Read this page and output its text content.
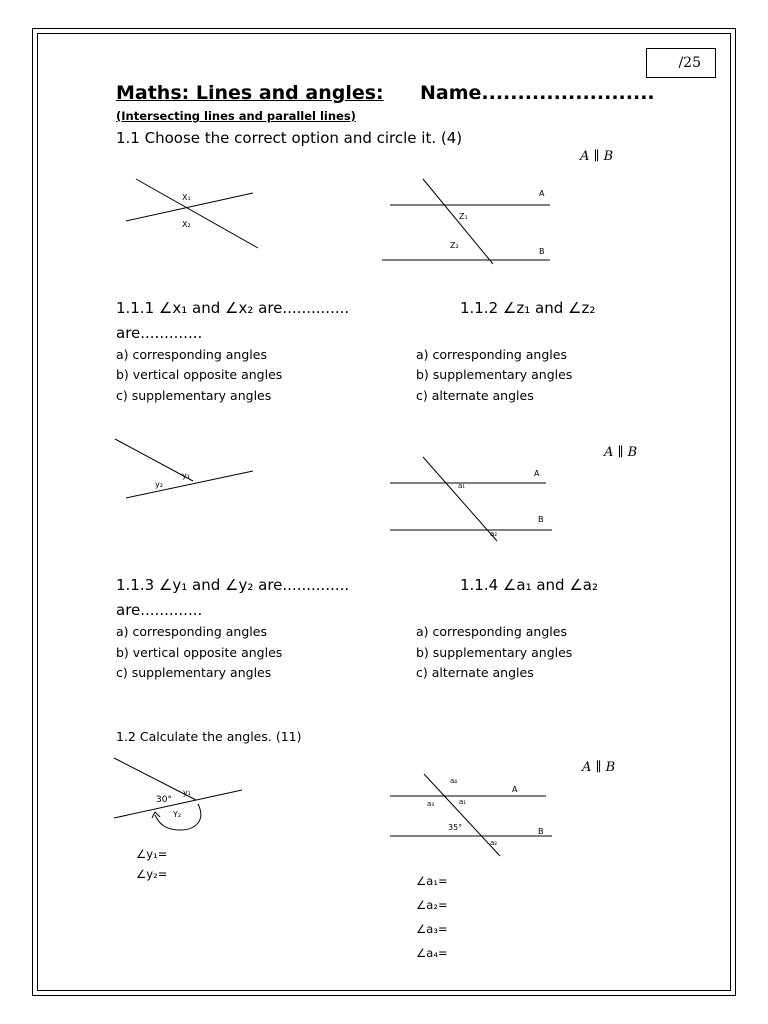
/25
Maths: Lines and angles: Name........................
(Intersecting lines and parallel lines)
1.1 Choose the correct option and circle it. (4)
A ∥ B
X₁
X₂
Z₁
Z₂
A
B
1.1.1 ∠x₁ and ∠x₂ are..............	1.1.2 ∠z₁ and ∠z₂
are.............
a) corresponding angles
b) vertical opposite angles
c) supplementary angles
a) corresponding angles
b) supplementary angles
c) alternate angles
y₁
y₂
A ∥ B
a₁
a₂
A
B
1.1.3 ∠y₁ and ∠y₂ are..............	1.1.4 ∠a₁ and ∠a₂
are.............
a) corresponding angles
b) vertical opposite angles
c) supplementary angles
a) corresponding angles
b) supplementary angles
c) alternate angles
1.2 Calculate the angles. (11)
A ∥ B
30°
y₁
Y₂
∠y₁=
∠y₂=
a₄
a₃	a₁
35°
a₂
A
B
∠a₁=
∠a₂=
∠a₃=
∠a₄=
